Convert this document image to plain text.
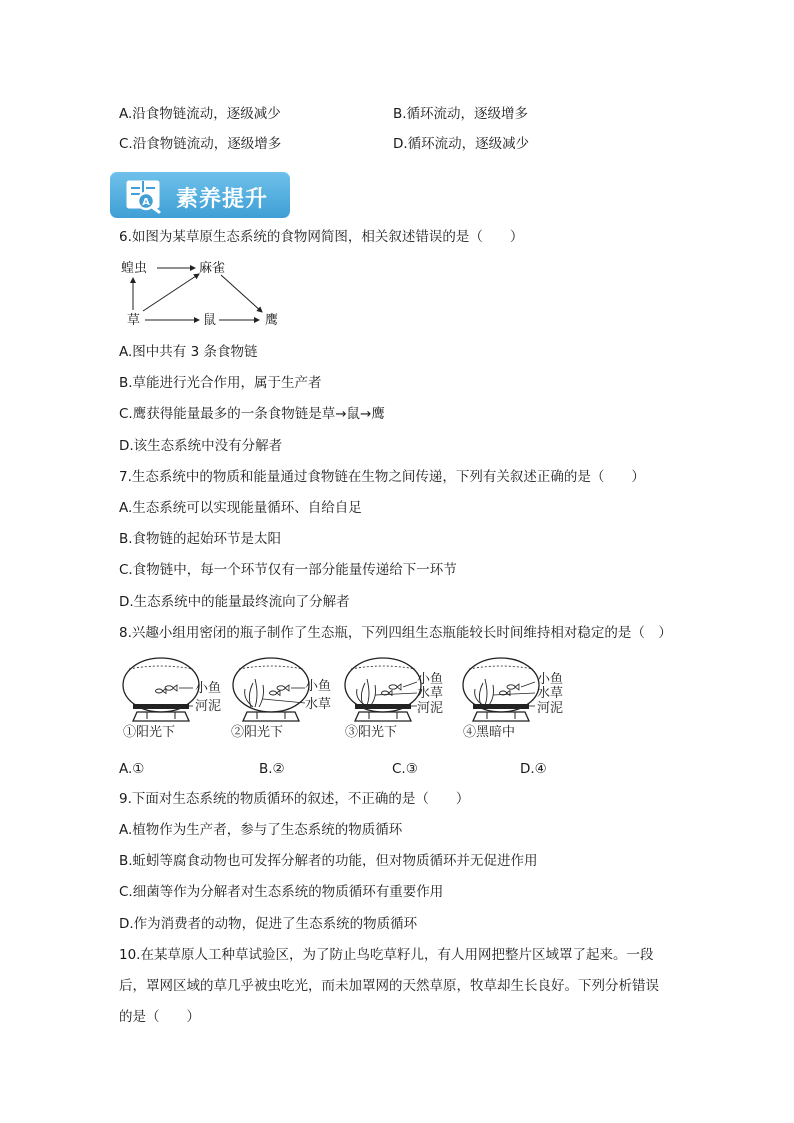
A.沿食物链流动，逐级减少	B.循环流动，逐级增多
C.沿食物链流动，逐级增多	D.循环流动，逐级减少
A 素养提升
6.如图为某草原生态系统的食物网简图，相关叙述错误的是（　　）
蝗虫	麻雀
草	鼠	鹰
A.图中共有 3 条食物链
B.草能进行光合作用，属于生产者
C.鹰获得能量最多的一条食物链是草→鼠→鹰
D.该生态系统中没有分解者
7.生态系统中的物质和能量通过食物链在生物之间传递，下列有关叙述正确的是（　　）
A.生态系统可以实现能量循环、自给自足
B.食物链的起始环节是太阳
C.食物链中，每一个环节仅有一部分能量传递给下一环节
D.生态系统中的能量最终流向了分解者
8.兴趣小组用密闭的瓶子制作了生态瓶，下列四组生态瓶能较长时间维持相对稳定的是（　）
小鱼
河泥
①阳光下
小鱼
水草
②阳光下
小鱼
水草
河泥
③阳光下
小鱼
水草
河泥
④黑暗中
A.①	B.②	C.③	D.④
9.下面对生态系统的物质循环的叙述，不正确的是（　　）
A.植物作为生产者，参与了生态系统的物质循环
B.蚯蚓等腐食动物也可发挥分解者的功能，但对物质循环并无促进作用
C.细菌等作为分解者对生态系统的物质循环有重要作用
D.作为消费者的动物，促进了生态系统的物质循环
10.在某草原人工种草试验区，为了防止鸟吃草籽儿，有人用网把整片区域罩了起来。一段
后，罩网区域的草几乎被虫吃光，而未加罩网的天然草原，牧草却生长良好。下列分析错误
的是（　　）
